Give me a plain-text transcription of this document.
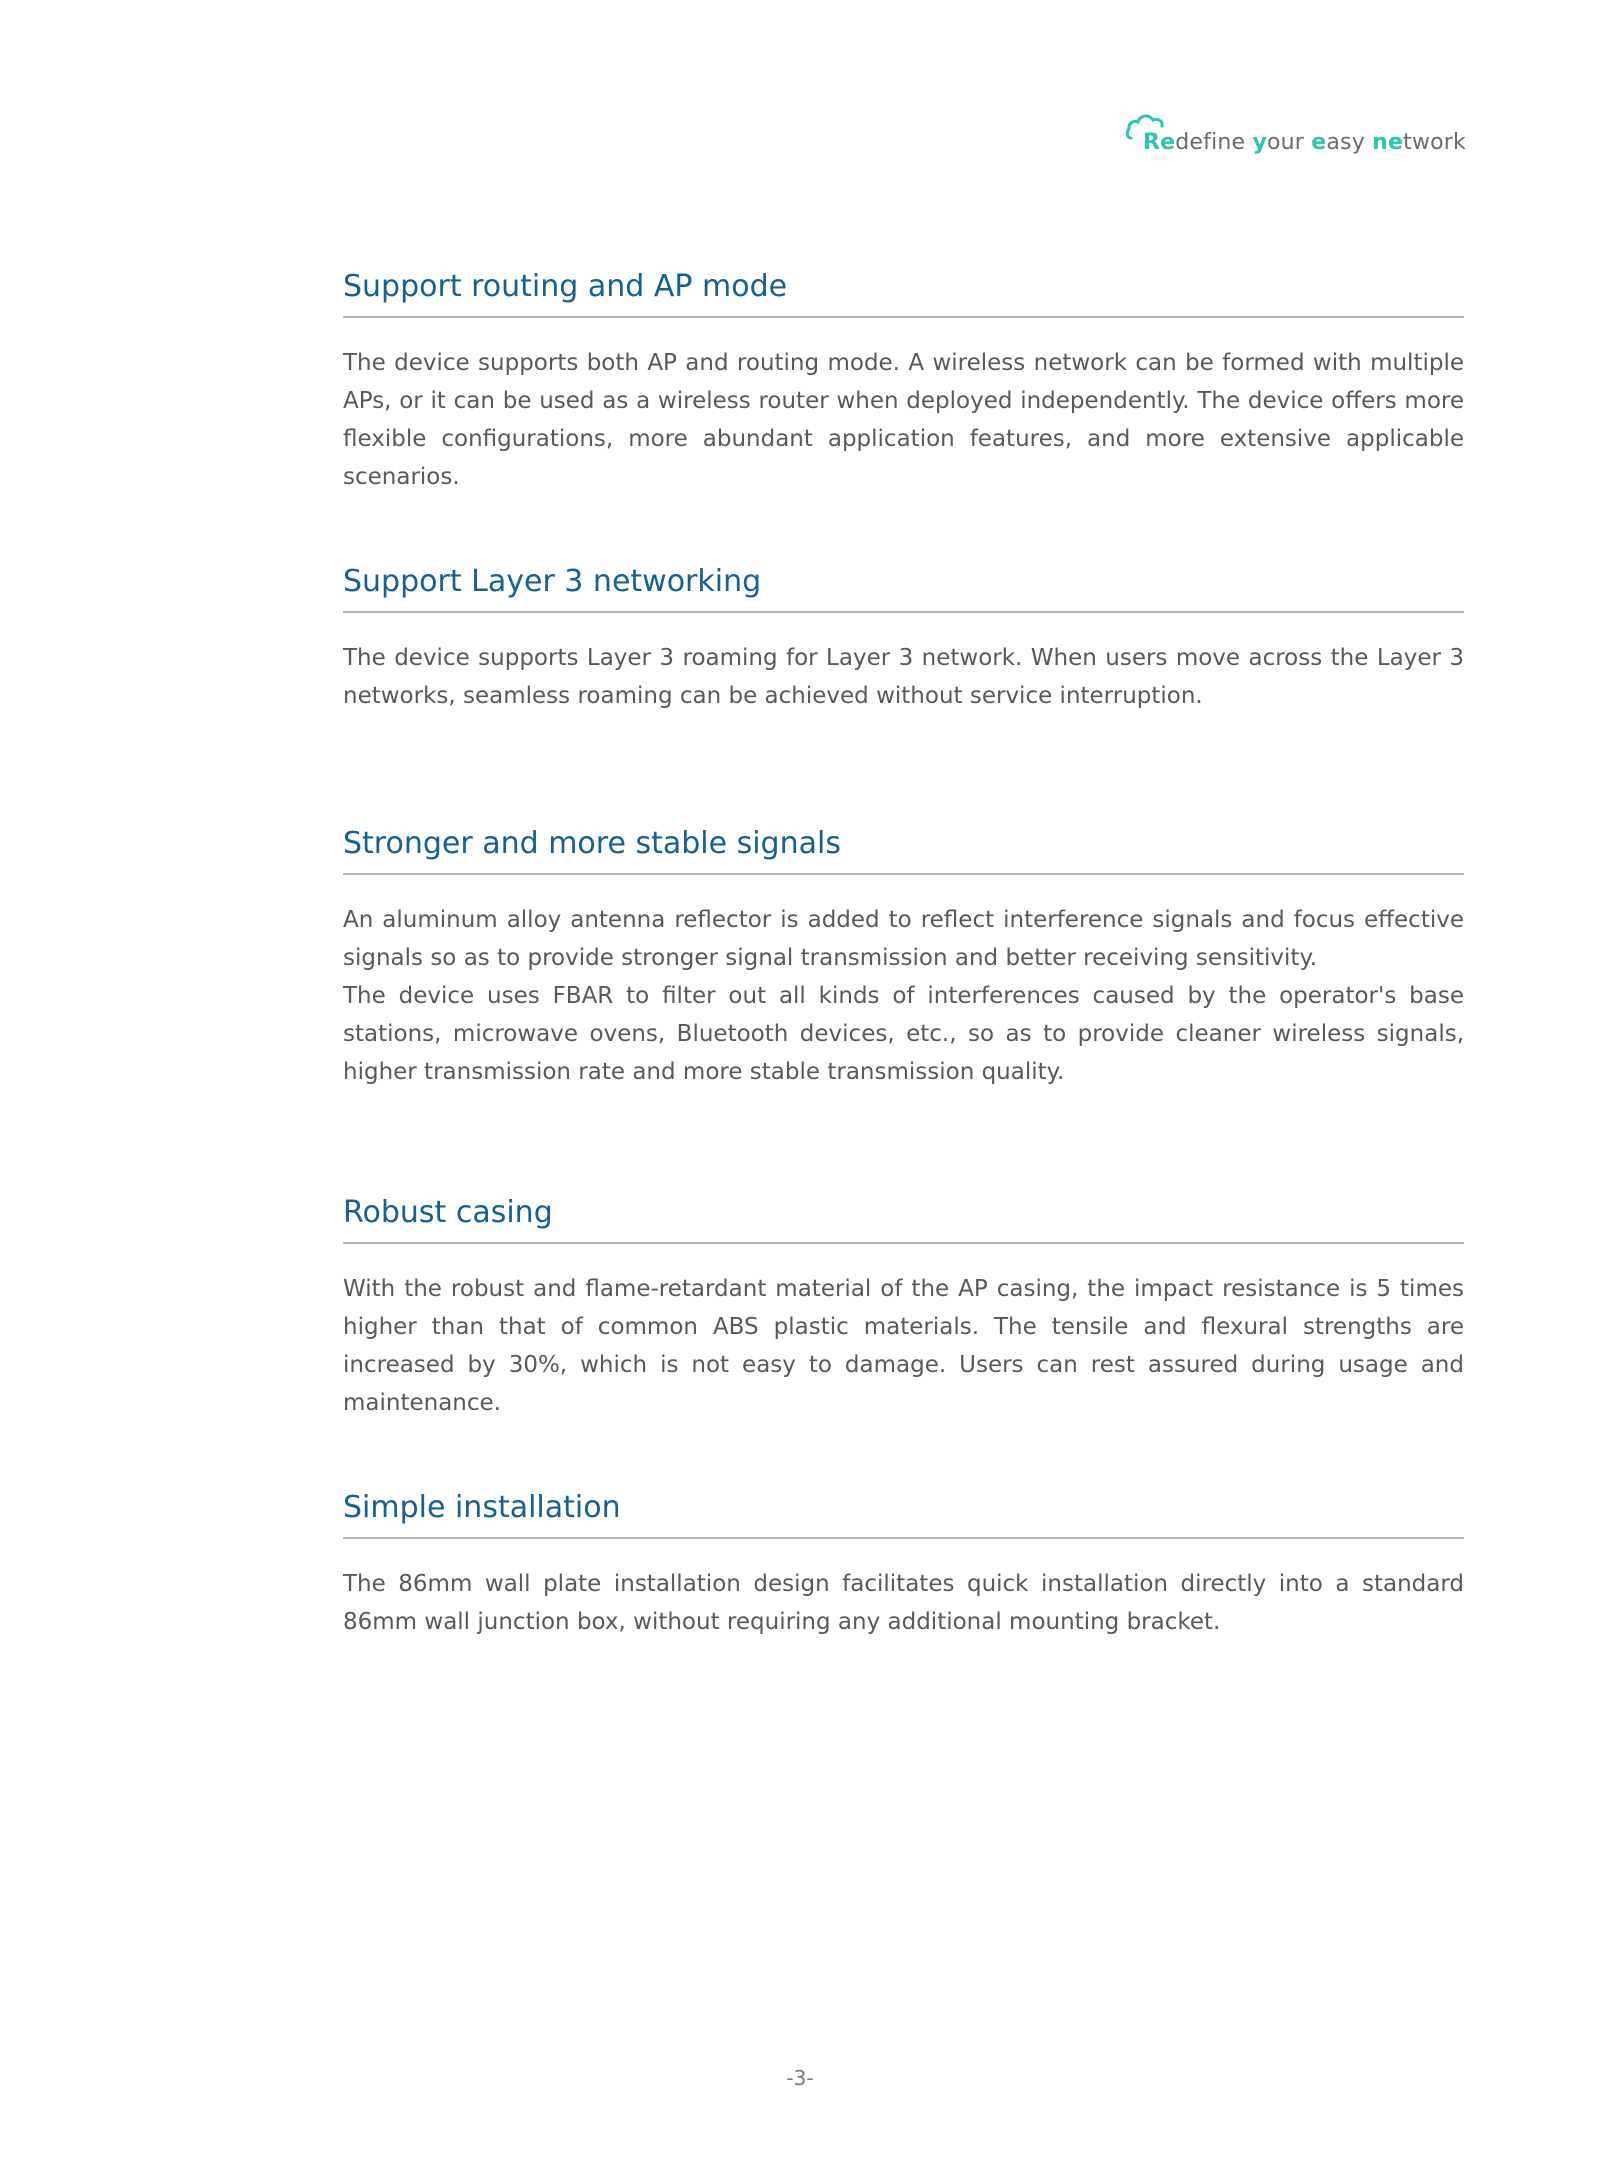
Redefine your easy network
Support routing and AP mode

The device supports both AP and routing mode. A wireless network can be formed with multiple APs, or it can be used as a wireless router when deployed independently. The device offers more flexible configurations, more abundant application features, and more extensive applicable scenarios.

Support Layer 3 networking

The device supports Layer 3 roaming for Layer 3 network. When users move across the Layer 3 networks, seamless roaming can be achieved without service interruption.

Stronger and more stable signals

An aluminum alloy antenna reflector is added to reflect interference signals and focus effective signals so as to provide stronger signal transmission and better receiving sensitivity.

The device uses FBAR to filter out all kinds of interferences caused by the operator's base stations, microwave ovens, Bluetooth devices, etc., so as to provide cleaner wireless signals, higher transmission rate and more stable transmission quality.

Robust casing

With the robust and flame-retardant material of the AP casing, the impact resistance is 5 times higher than that of common ABS plastic materials. The tensile and flexural strengths are increased by 30%, which is not easy to damage. Users can rest assured during usage and maintenance.

Simple installation

The 86mm wall plate installation design facilitates quick installation directly into a standard 86mm wall junction box, without requiring any additional mounting bracket.

-3-
